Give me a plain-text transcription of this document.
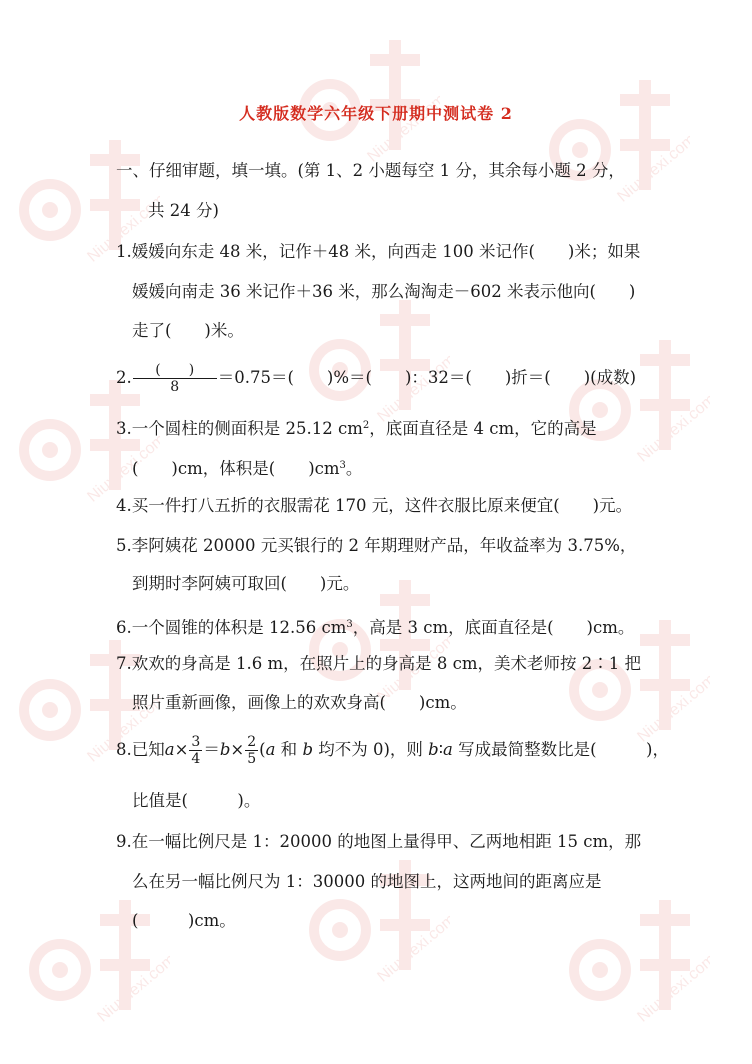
Niuxuexi.com
Niuxuexi.com
Niuxuexi.com
Niuxuexi.com
Niuxuexi.com
Niuxuexi.com
Niuxuexi.com
Niuxuexi.com
Niuxuexi.com
Niuxuexi.com
Niuxuexi.com
Niuxuexi.com
人教版数学六年级下册期中测试卷 2
一、仔细审题，填一填。(第 1、2 小题每空 1 分，其余每小题 2 分，
共 24 分)
1.媛媛向东走 48 米，记作＋48 米，向西走 100 米记作(　　)米；如果
媛媛向南走 36 米记作＋36 米，那么淘淘走－602 米表示他向(　　)
走了(　　)米。
2. $\frac{( )}{8} =0.75=$(　　)%＝(　　)：32＝(　　)折＝(　　)(成数)
3.一个圆柱的侧面积是 25.12 $cm^2$，底面直径是 4 cm，它的高是
(　　)cm，体积是(　　)$cm^3$。
4.买一件打八五折的衣服需花 170 元，这件衣服比原来便宜(　　)元。
5.李阿姨花 20000 元买银行的 2 年期理财产品，年收益率为 3.75%，
到期时李阿姨可取回(　　)元。
6.一个圆锥的体积是 12.56 $cm^3$，高是 3 cm，底面直径是(　　)cm。
7.欢欢的身高是 1.6 m，在照片上的身高是 8 cm，美术老师按 2∶1 把
照片重新画像，画像上的欢欢身高(　　)cm。
8.已知$a\times \frac{3}{4} =b\times \frac{2}{5} (a$ 和 b 均不为 0)，则 b∶a 写成最简整数比是(　　　)，
比值是(　　　)。
9.在一幅比例尺是 1：20000 的地图上量得甲、乙两地相距 15 cm，那
么在另一幅比例尺为 1：30000 的地图上，这两地间的距离应是
(　　　)cm。
